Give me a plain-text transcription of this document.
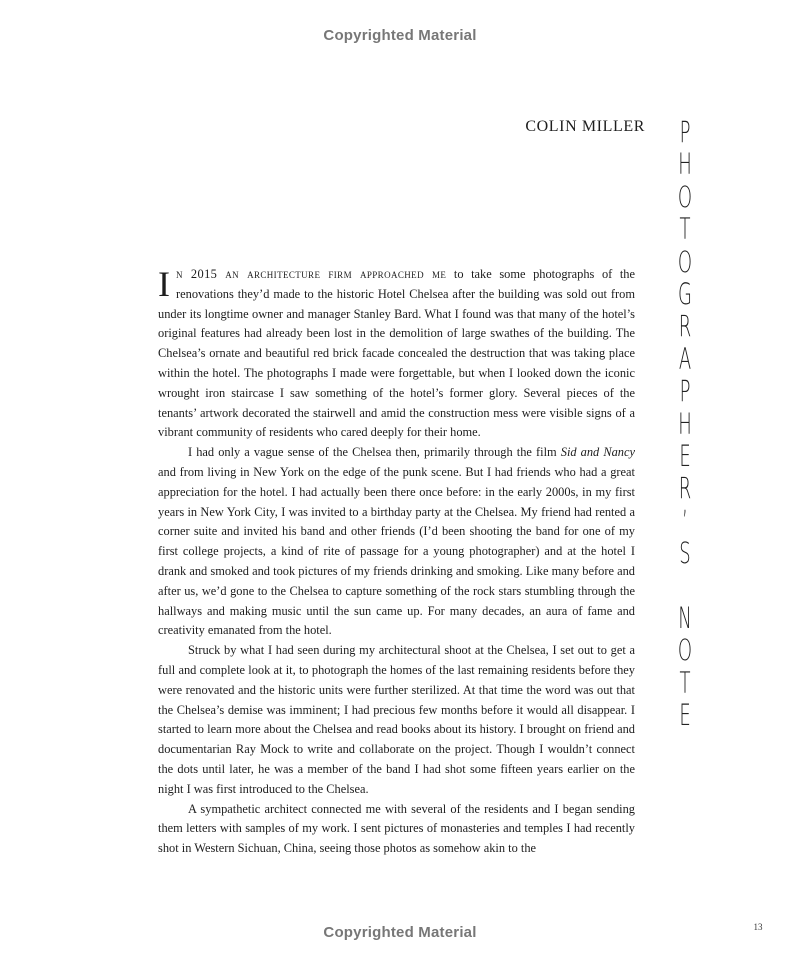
Copyrighted Material
COLIN MILLER	P
H
O
T
O
G
R
A
P
H
E
R
’
S
N
O
T
E

In 2015 an architecture firm approached me to take some photographs of the renovations they’d made to the historic Hotel Chelsea after the building was sold out from under its longtime owner and manager Stanley Bard. What I found was that many of the hotel’s original features had already been lost in the demolition of large swathes of the building. The Chelsea’s ornate and beautiful red brick facade concealed the destruction that was taking place within the hotel. The photographs I made were forgettable, but when I looked down the iconic wrought iron staircase I saw something of the hotel’s former glory. Several pieces of the tenants’ artwork decorated the stairwell and amid the construction mess were visible signs of a vibrant community of residents who cared deeply for their home.

I had only a vague sense of the Chelsea then, primarily through the film Sid and Nancy and from living in New York on the edge of the punk scene. But I had friends who had a great appreciation for the hotel. I had actually been there once before: in the early 2000s, in my first years in New York City, I was invited to a birthday party at the Chelsea. My friend had rented a corner suite and invited his band and other friends (I’d been shooting the band for one of my first college projects, a kind of rite of passage for a young photographer) and at the hotel I drank and smoked and took pictures of my friends drinking and smoking. Like many before and after us, we’d gone to the Chelsea to capture something of the rock stars stumbling through the hallways and making music until the sun came up. For many decades, an aura of fame and creativity emanated from the hotel.

Struck by what I had seen during my architectural shoot at the Chelsea, I set out to get a full and complete look at it, to photograph the homes of the last remaining residents before they were renovated and the historic units were further sterilized. At that time the word was out that the Chelsea’s demise was imminent; I had precious few months before it would all disappear. I started to learn more about the Chelsea and read books about its history. I brought on friend and documentarian Ray Mock to write and collaborate on the project. Though I wouldn’t connect the dots until later, he was a member of the band I had shot some fifteen years earlier on the night I was first introduced to the Chelsea.

A sympathetic architect connected me with several of the residents and I began sending them letters with samples of my work. I sent pictures of monasteries and temples I had recently shot in Western Sichuan, China, seeing those photos as somehow akin to the

13
Copyrighted Material
